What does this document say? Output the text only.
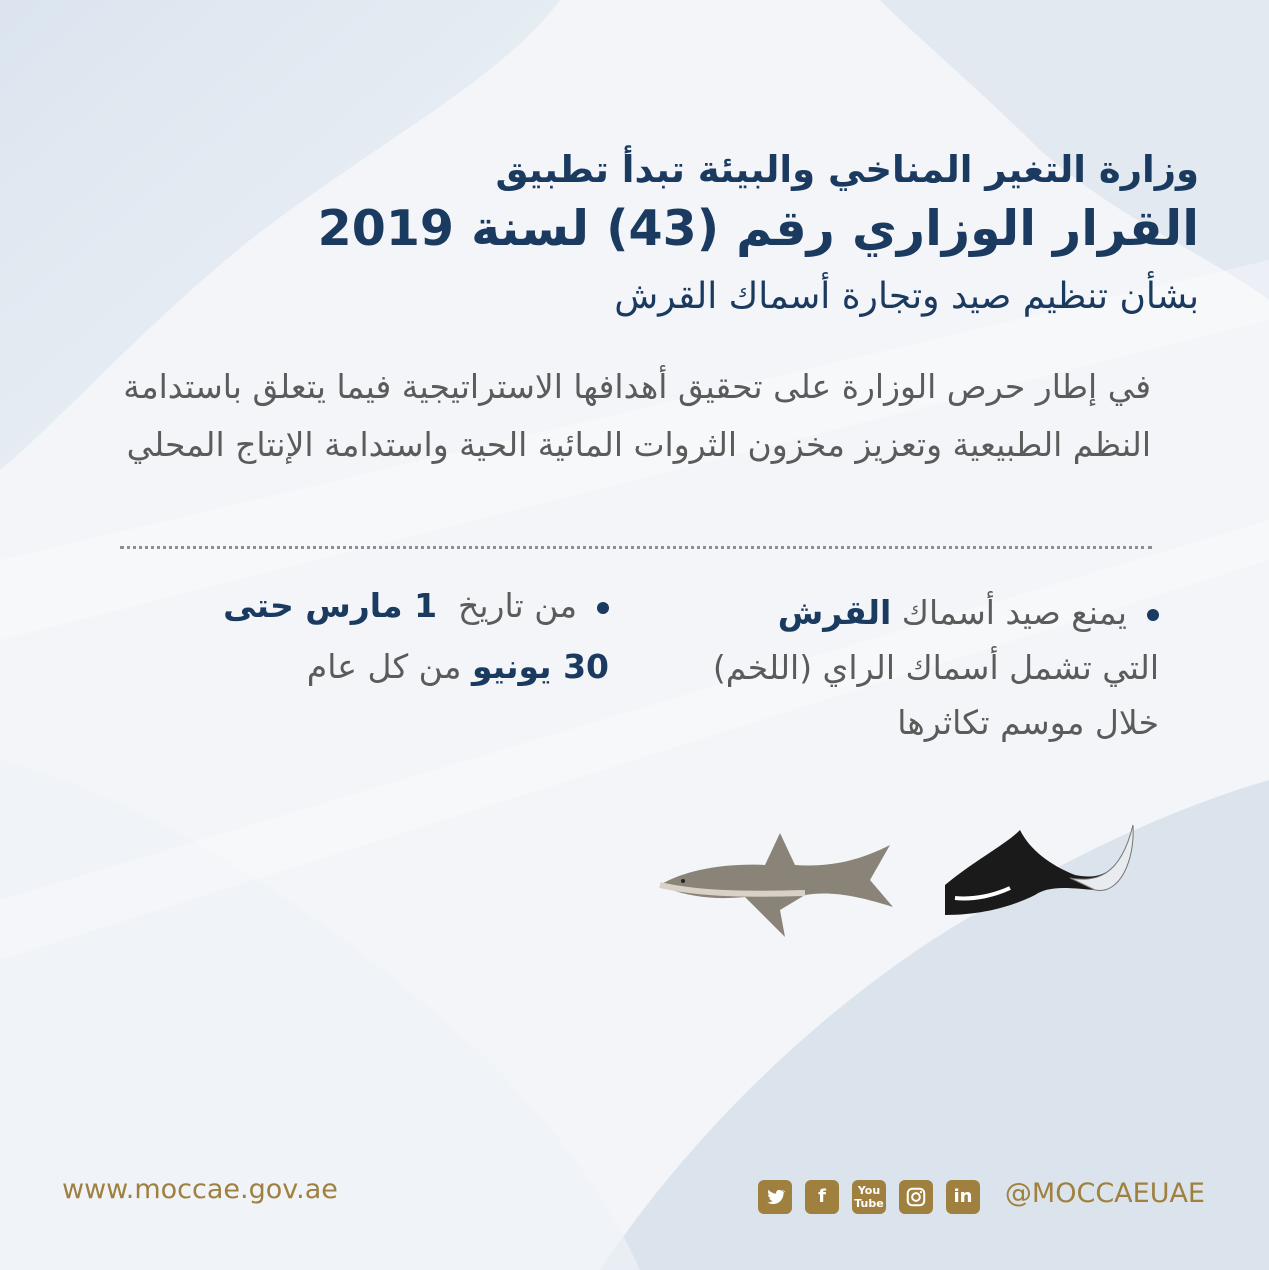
وزارة التغير المناخي والبيئة تبدأ تطبيق
القرار الوزاري رقم (43) لسنة 2019
بشأن تنظيم صيد وتجارة أسماك القرش
في إطار حرص الوزارة على تحقيق أهدافها الاستراتيجية فيما يتعلق باستدامة
النظم الطبيعية وتعزيز مخزون الثروات المائية الحية واستدامة الإنتاج المحلي
يمنع صيد أسماك القرش
التي تشمل أسماك الراي (اللخم)
خلال موسم تكاثرها
من تاريخ  1 مارس حتى
30 يونيو من كل عام
www.moccae.gov.ae	f	You
Tube	in @MOCCAEUAE
